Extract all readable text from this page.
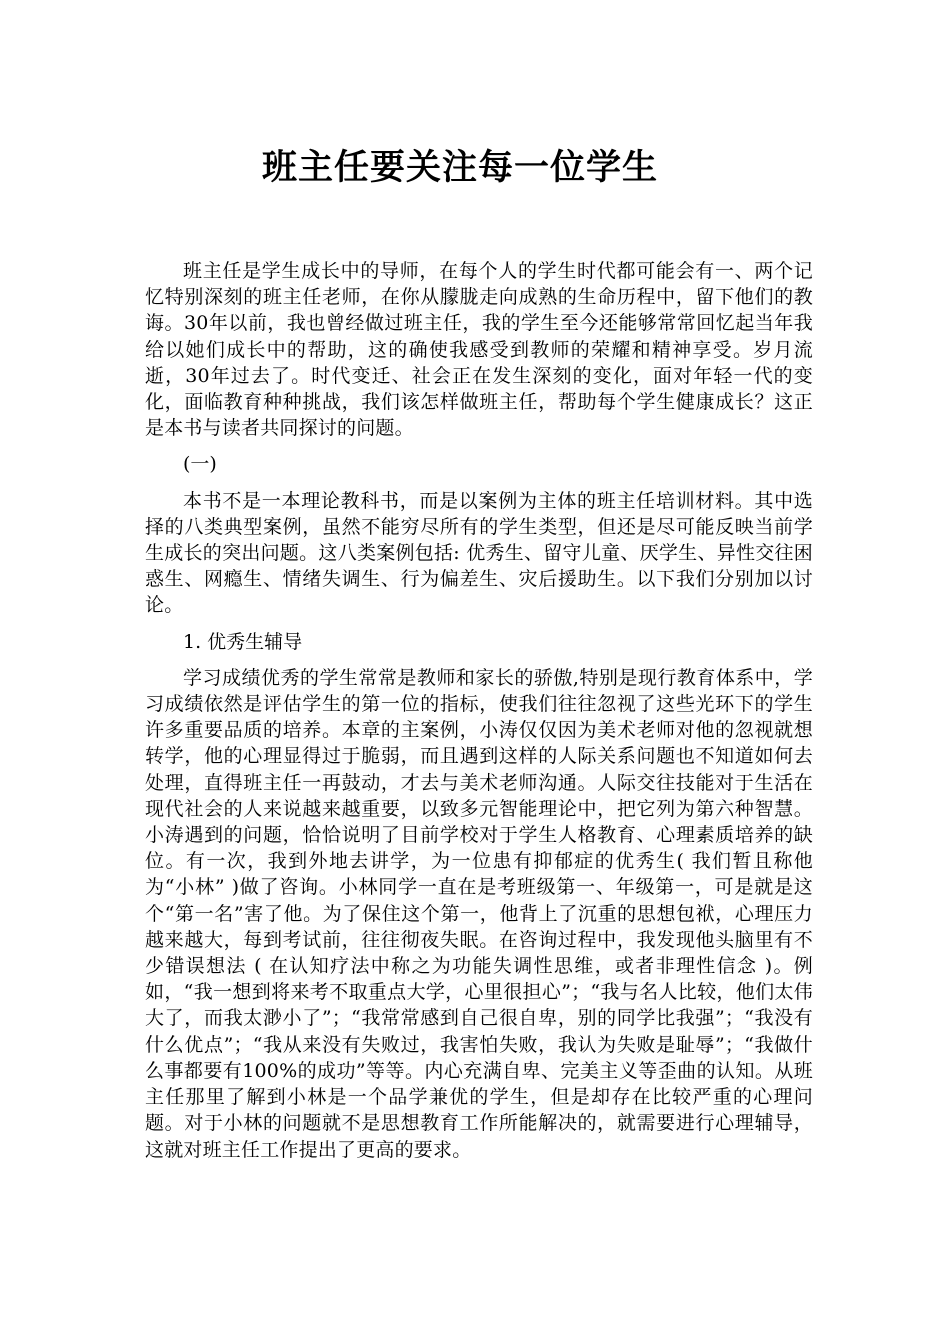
班主任要关注每一位学生

班主任是学生成长中的导师，在每个人的学生时代都可能会有一、两个记忆特别深刻的班主任老师，在你从朦胧走向成熟的生命历程中，留下他们的教诲。30年以前，我也曾经做过班主任，我的学生至今还能够常常回忆起当年我给以她们成长中的帮助，这的确使我感受到教师的荣耀和精神享受。岁月流逝，30年过去了。时代变迁、社会正在发生深刻的变化，面对年轻一代的变化，面临教育种种挑战，我们该怎样做班主任，帮助每个学生健康成长？这正是本书与读者共同探讨的问题。

(一)

本书不是一本理论教科书，而是以案例为主体的班主任培训材料。其中选择的八类典型案例，虽然不能穷尽所有的学生类型，但还是尽可能反映当前学生成长的突出问题。这八类案例包括: 优秀生、留守儿童、厌学生、异性交往困惑生、网瘾生、情绪失调生、行为偏差生、灾后援助生。以下我们分别加以讨论。

1. 优秀生辅导

学习成绩优秀的学生常常是教师和家长的骄傲,特别是现行教育体系中，学习成绩依然是评估学生的第一位的指标，使我们往往忽视了这些光环下的学生许多重要品质的培养。本章的主案例，小涛仅仅因为美术老师对他的忽视就想转学，他的心理显得过于脆弱，而且遇到这样的人际关系问题也不知道如何去处理，直得班主任一再鼓动，才去与美术老师沟通。人际交往技能对于生活在现代社会的人来说越来越重要，以致多元智能理论中，把它列为第六种智慧。小涛遇到的问题，恰恰说明了目前学校对于学生人格教育、心理素质培养的缺位。有一次，我到外地去讲学，为一位患有抑郁症的优秀生( 我们暂且称他为“小林” )做了咨询。小林同学一直在是考班级第一、年级第一，可是就是这个“第一名”害了他。为了保住这个第一，他背上了沉重的思想包袱，心理压力越来越大，每到考试前，往往彻夜失眠。在咨询过程中，我发现他头脑里有不少错误想法 ( 在认知疗法中称之为功能失调性思维，或者非理性信念 )。例如，“我一想到将来考不取重点大学，心里很担心”；“我与名人比较，他们太伟大了，而我太渺小了”；“我常常感到自己很自卑，别的同学比我强”；“我没有什么优点”；“我从来没有失败过，我害怕失败，我认为失败是耻辱”；“我做什么事都要有100%的成功”等等。内心充满自卑、完美主义等歪曲的认知。从班主任那里了解到小林是一个品学兼优的学生，但是却存在比较严重的心理问题。对于小林的问题就不是思想教育工作所能解决的，就需要进行心理辅导，这就对班主任工作提出了更高的要求。
